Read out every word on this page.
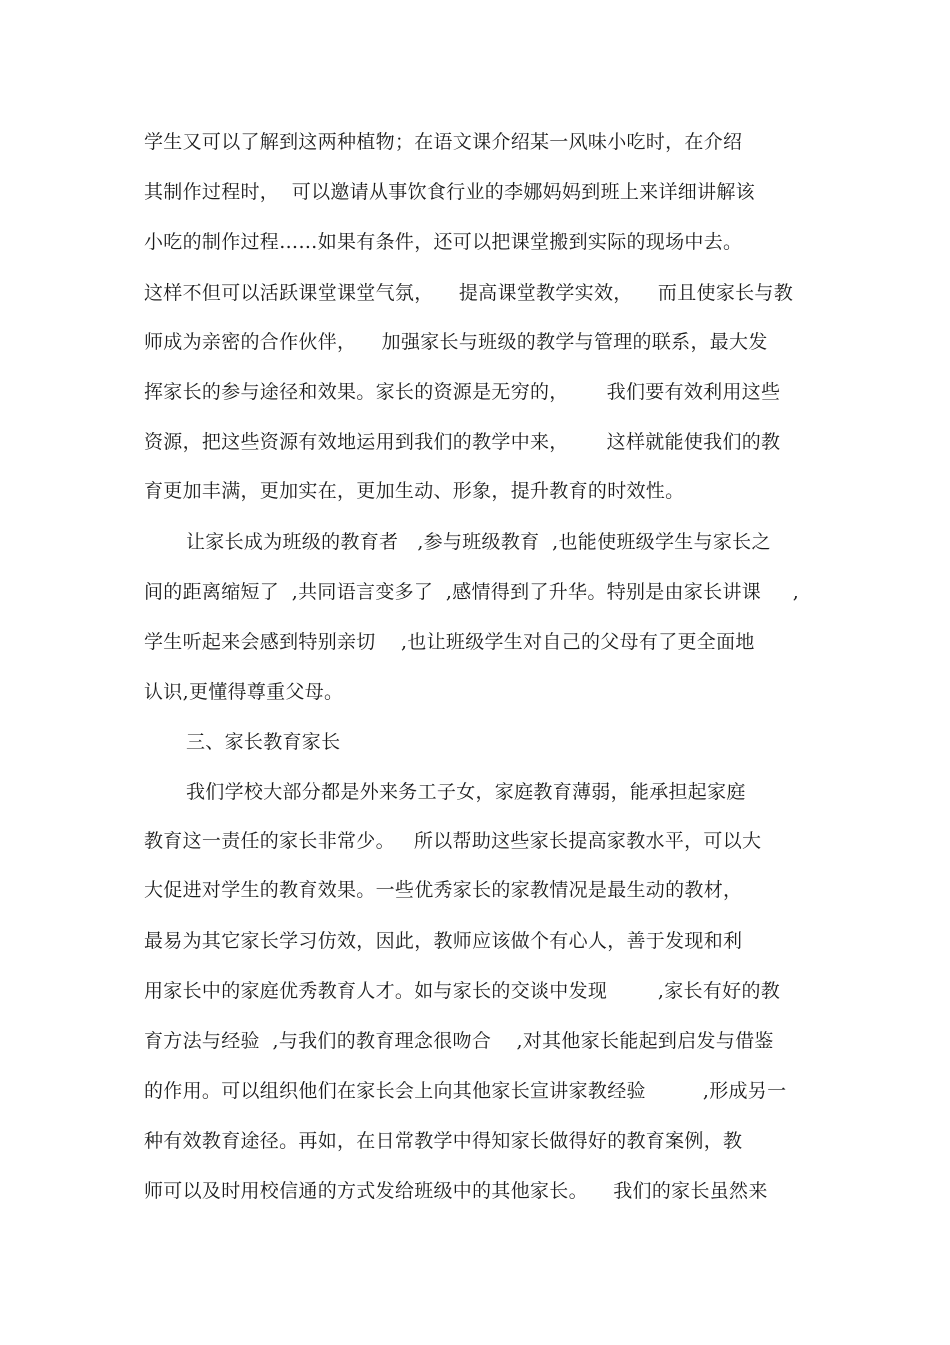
学生又可以了解到这两种植物；在语文课介绍某一风味小吃时，在介绍
其制作过程时，  可以邀请从事饮食行业的李娜妈妈到班上来详细讲解该
小吃的制作过程……如果有条件，还可以把课堂搬到实际的现场中去。
这样不但可以活跃课堂课堂气氛，    提高课堂教学实效，    而且使家长与教
师成为亲密的合作伙伴，    加强家长与班级的教学与管理的联系，最大发
挥家长的参与途径和效果。家长的资源是无穷的，      我们要有效利用这些
资源，把这些资源有效地运用到我们的教学中来，      这样就能使我们的教
育更加丰满，更加实在，更加生动、形象，提升教育的时效性。
让家长成为班级的教育者   ,参与班级教育  ,也能使班级学生与家长之
间的距离缩短了  ,共同语言变多了  ,感情得到了升华。特别是由家长讲课     ,
学生听起来会感到特别亲切    ,也让班级学生对自己的父母有了更全面地
认识,更懂得尊重父母。
三、家长教育家长
我们学校大部分都是外来务工子女，家庭教育薄弱，能承担起家庭
教育这一责任的家长非常少。   所以帮助这些家长提高家教水平，可以大
大促进对学生的教育效果。一些优秀家长的家教情况是最生动的教材，
最易为其它家长学习仿效，因此，教师应该做个有心人，善于发现和利
用家长中的家庭优秀教育人才。如与家长的交谈中发现        ,家长有好的教
育方法与经验  ,与我们的教育理念很吻合    ,对其他家长能起到启发与借鉴
的作用。可以组织他们在家长会上向其他家长宣讲家教经验         ,形成另一
种有效教育途径。再如，在日常教学中得知家长做得好的教育案例，教
师可以及时用校信通的方式发给班级中的其他家长。    我们的家长虽然来
